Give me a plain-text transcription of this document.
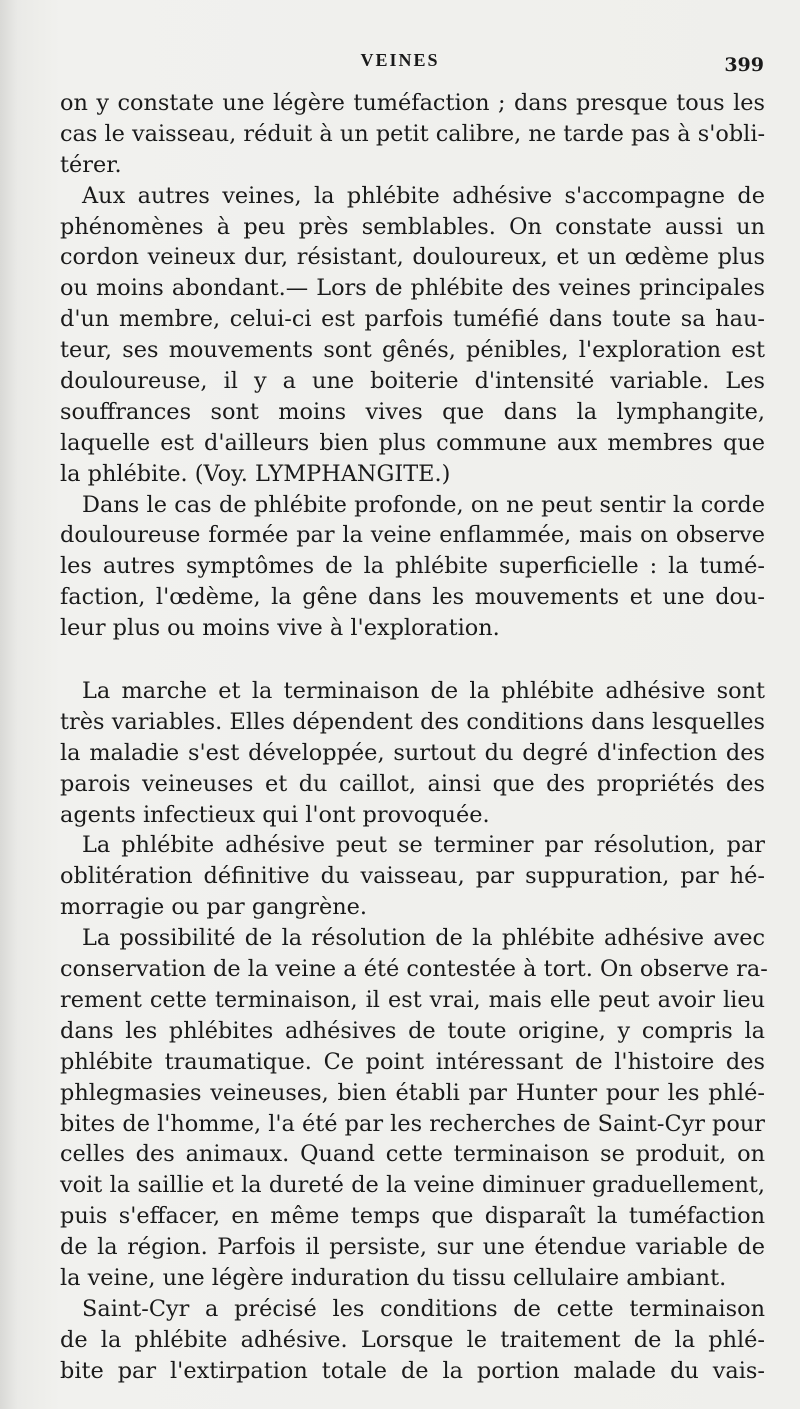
VEINES	399
on y constate une légère tuméfaction ; dans presque tous les
cas le vaisseau, réduit à un petit calibre, ne tarde pas à s'obli-
térer.
Aux autres veines, la phlébite adhésive s'accompagne de
phénomènes à peu près semblables. On constate aussi un
cordon veineux dur, résistant, douloureux, et un œdème plus
ou moins abondant.— Lors de phlébite des veines principales
d'un membre, celui-ci est parfois tuméfié dans toute sa hau-
teur, ses mouvements sont gênés, pénibles, l'exploration est
douloureuse, il y a une boiterie d'intensité variable. Les
souffrances sont moins vives que dans la lymphangite,
laquelle est d'ailleurs bien plus commune aux membres que
la phlébite. (Voy. LYMPHANGITE.)
Dans le cas de phlébite profonde, on ne peut sentir la corde
douloureuse formée par la veine enflammée, mais on observe
les autres symptômes de la phlébite superficielle : la tumé-
faction, l'œdème, la gêne dans les mouvements et une dou-
leur plus ou moins vive à l'exploration.
La marche et la terminaison de la phlébite adhésive sont
très variables. Elles dépendent des conditions dans lesquelles
la maladie s'est développée, surtout du degré d'infection des
parois veineuses et du caillot, ainsi que des propriétés des
agents infectieux qui l'ont provoquée.
La phlébite adhésive peut se terminer par résolution, par
oblitération définitive du vaisseau, par suppuration, par hé-
morragie ou par gangrène.
La possibilité de la résolution de la phlébite adhésive avec
conservation de la veine a été contestée à tort. On observe ra-
rement cette terminaison, il est vrai, mais elle peut avoir lieu
dans les phlébites adhésives de toute origine, y compris la
phlébite traumatique. Ce point intéressant de l'histoire des
phlegmasies veineuses, bien établi par Hunter pour les phlé-
bites de l'homme, l'a été par les recherches de Saint-Cyr pour
celles des animaux. Quand cette terminaison se produit, on
voit la saillie et la dureté de la veine diminuer graduellement,
puis s'effacer, en même temps que disparaît la tuméfaction
de la région. Parfois il persiste, sur une étendue variable de
la veine, une légère induration du tissu cellulaire ambiant.
Saint-Cyr a précisé les conditions de cette terminaison
de la phlébite adhésive. Lorsque le traitement de la phlé-
bite par l'extirpation totale de la portion malade du vais-
